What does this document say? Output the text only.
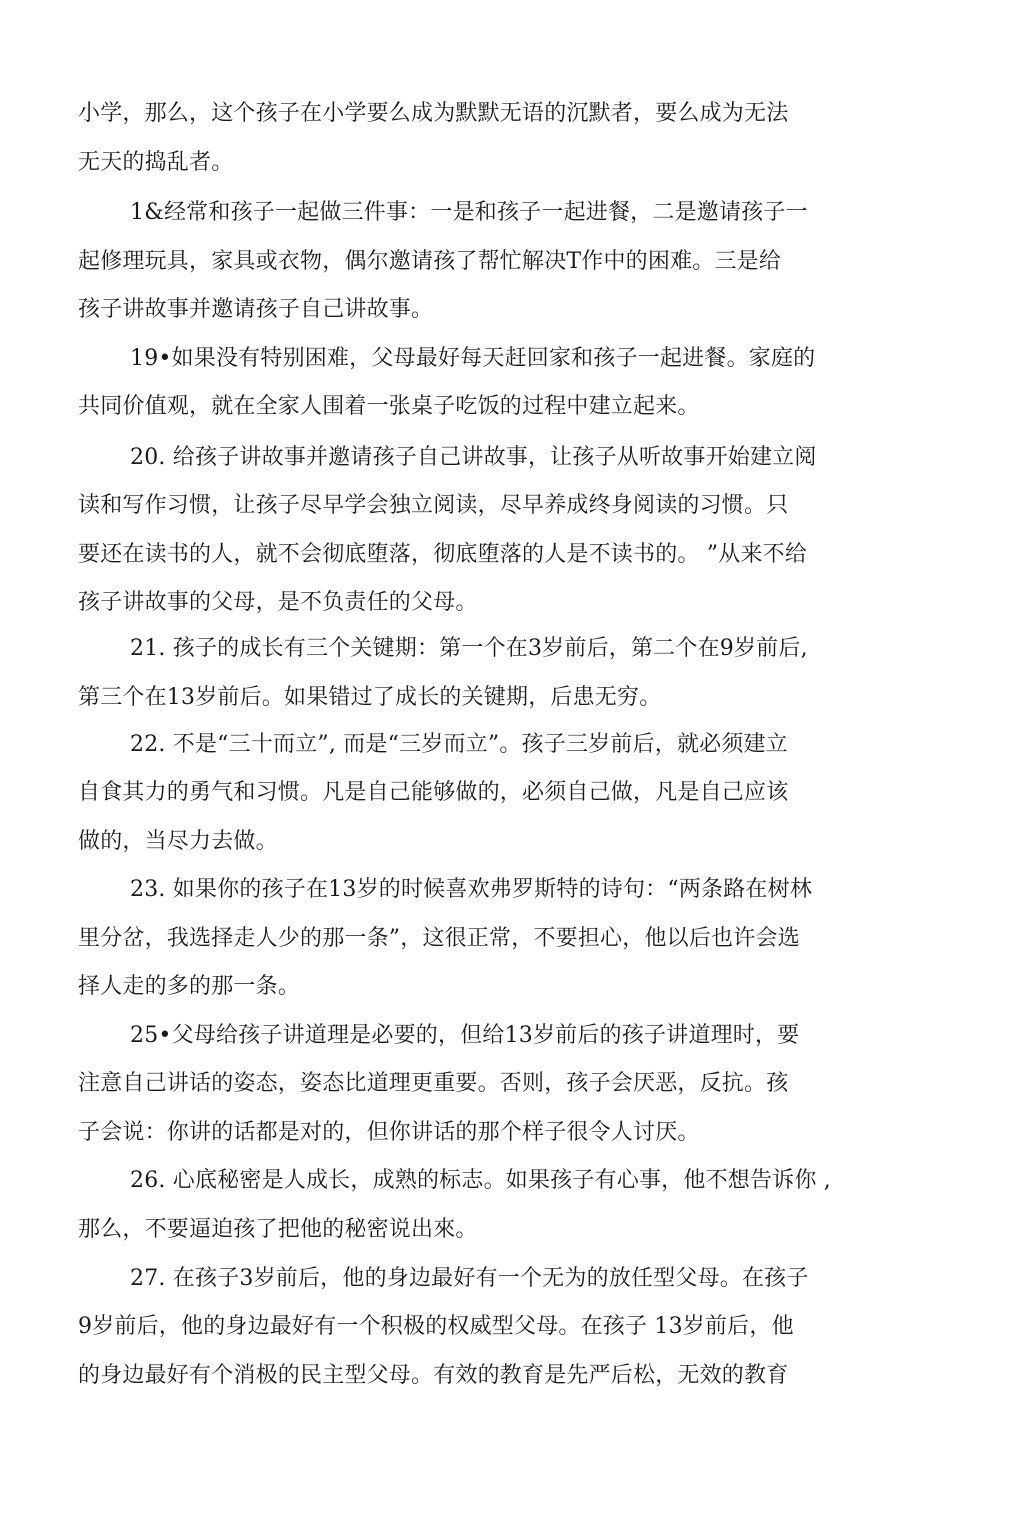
小学，那么，这个孩子在小学要么成为默默无语的沉默者，要么成为无法
无天的捣乱者。
1&经常和孩子一起做三件事：一是和孩子一起进餐，二是邀请孩子一
起修理玩具，家具或衣物，偶尔邀请孩了帮忙解决T作中的困难。三是给
孩子讲故事并邀请孩子自己讲故事。
19•如果没有特别困难，父母最好每天赶回家和孩子一起进餐。家庭的
共同价值观，就在全家人围着一张桌子吃饭的过程中建立起来。
20. 给孩子讲故事并邀请孩子自己讲故事，让孩子从听故事开始建立阅
读和写作习惯，让孩子尽早学会独立阅读，尽早养成终身阅读的习惯。只
要还在读书的人，就不会彻底堕落，彻底堕落的人是不读书的。 ”从来不给
孩子讲故事的父母，是不负责任的父母。
21. 孩子的成长有三个关键期：第一个在3岁前后，第二个在9岁前后,
第三个在13岁前后。如果错过了成长的关键期，后患无穷。
22. 不是“三十而立”, 而是“三岁而立”。孩子三岁前后，就必须建立
自食其力的勇气和习惯。凡是自己能够做的，必须自己做，凡是自己应该
做的，当尽力去做。
23. 如果你的孩子在13岁的时候喜欢弗罗斯特的诗句：“两条路在树林
里分岔，我选择走人少的那一条”，这很正常，不要担心，他以后也许会选
择人走的多的那一条。
25•父母给孩子讲道理是必要的，但给13岁前后的孩子讲道理时，要
注意自己讲话的姿态，姿态比道理更重要。否则，孩子会厌恶，反抗。孩
子会说：你讲的话都是对的，但你讲话的那个样子很令人讨厌。
26. 心底秘密是人成长，成熟的标志。如果孩子有心事，他不想告诉你 ,
那么，不要逼迫孩了把他的秘密说出來。
27. 在孩子3岁前后，他的身边最好有一个无为的放任型父母。在孩子
9岁前后，他的身边最好有一个积极的权威型父母。在孩子 13岁前后，他
的身边最好有个消极的民主型父母。有效的教育是先严后松，无效的教育
